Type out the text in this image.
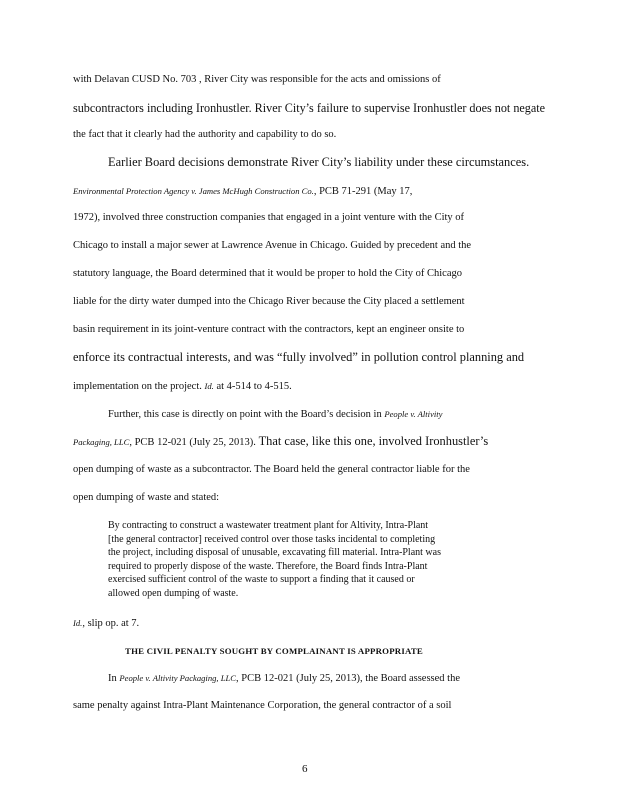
with Delavan CUSD No. 703 , River City was responsible for the acts and omissions of
subcontractors including Ironhustler. River City’s failure to supervise Ironhustler does not negate
the fact that it clearly had the authority and capability to do so.
Earlier Board decisions demonstrate River City’s liability under these circumstances.
Environmental Protection Agency v. James McHugh Construction Co., PCB 71-291 (May 17,
1972), involved three construction companies that engaged in a joint venture with the City of
Chicago to install a major sewer at Lawrence Avenue in Chicago. Guided by precedent and the
statutory language, the Board determined that it would be proper to hold the City of Chicago
liable for the dirty water dumped into the Chicago River because the City placed a settlement
basin requirement in its joint-venture contract with the contractors, kept an engineer onsite to
enforce its contractual interests, and was “fully involved” in pollution control planning and
implementation on the project. Id. at 4-514 to 4-515.
Further, this case is directly on point with the Board’s decision in People v. Altivity
Packaging, LLC, PCB 12-021 (July 25, 2013). That case, like this one, involved Ironhustler’s
open dumping of waste as a subcontractor. The Board held the general contractor liable for the
open dumping of waste and stated:
By contracting to construct a wastewater treatment plant for Altivity, Intra-Plant
[the general contractor] received control over those tasks incidental to completing
the project, including disposal of unusable, excavating fill material. Intra-Plant was
required to properly dispose of the waste. Therefore, the Board finds Intra-Plant
exercised sufficient control of the waste to support a finding that it caused or
allowed open dumping of waste.
Id., slip op. at 7.
THE CIVIL PENALTY SOUGHT BY COMPLAINANT IS APPROPRIATE
In People v. Altivity Packaging, LLC, PCB 12-021 (July 25, 2013), the Board assessed the
same penalty against Intra-Plant Maintenance Corporation, the general contractor of a soil
6
